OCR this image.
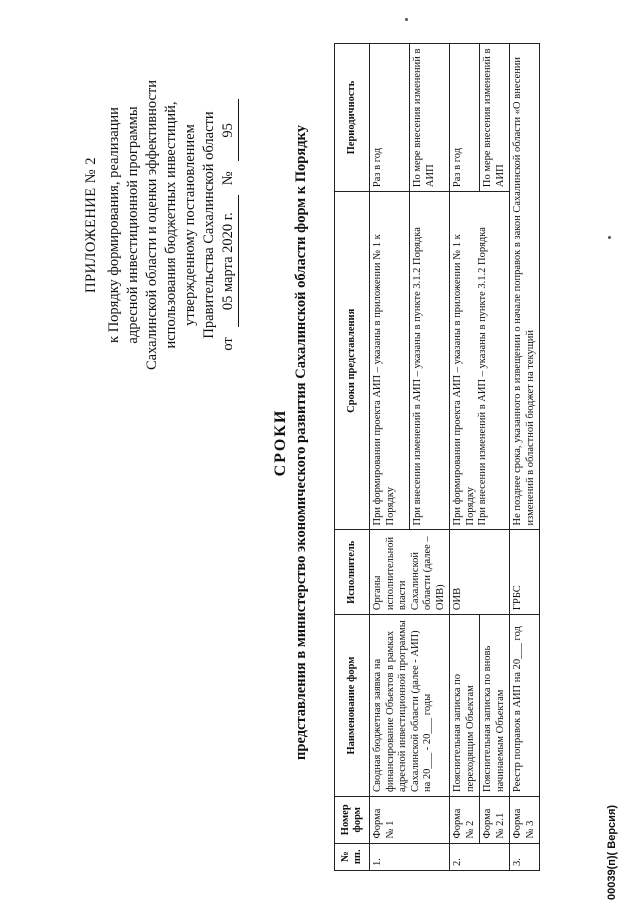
ПРИЛОЖЕНИЕ № 2 к Порядку формирования, реализации адресной инвестиционной программы Сахалинской области и оценки эффективности использования бюджетных инвестиций, утвержденному постановлением Правительства Сахалинской области
от
05 марта 2020 г.
№
95
СРОКИ представления в министерство экономического развития Сахалинской области форм к Порядку
№ пп.	Номер форм	Наименование форм	Исполнитель	Сроки представления	Периодичность
1.	Форма № 1	Сводная бюджетная заявка на финансирование Объектов в рамках адресной инвестиционной программы Сахалинской области (далее - АИП) на 20___ - 20___ годы	Органы исполнительной власти Сахалинской области (далее – ОИВ)	При формировании проекта АИП – указаны в приложении № 1 к Порядку	Раз в год
				При внесении изменений в АИП – указаны в пункте 3.1.2 Порядка	По мере внесения изменений в АИП
2.	Форма № 2	Пояснительная записка по переходящим Объектам	ОИВ	При формировании проекта АИП – указаны в приложении № 1 к Порядку При внесении изменений в АИП – указаны в пункте 3.1.2 Порядка	Раз в год
	Форма № 2.1	Пояснительная записка по вновь начинаемым Объектам			По мере внесения изменений в АИП
3.	Форма № 3	Реестр поправок в АИП на 20___ год	ГРБС	Не позднее срока, указанного в извещении о начале поправок в закон Сахалинской области «О внесении изменений в областной бюджет на текущий	
00039(п)( Версия)
